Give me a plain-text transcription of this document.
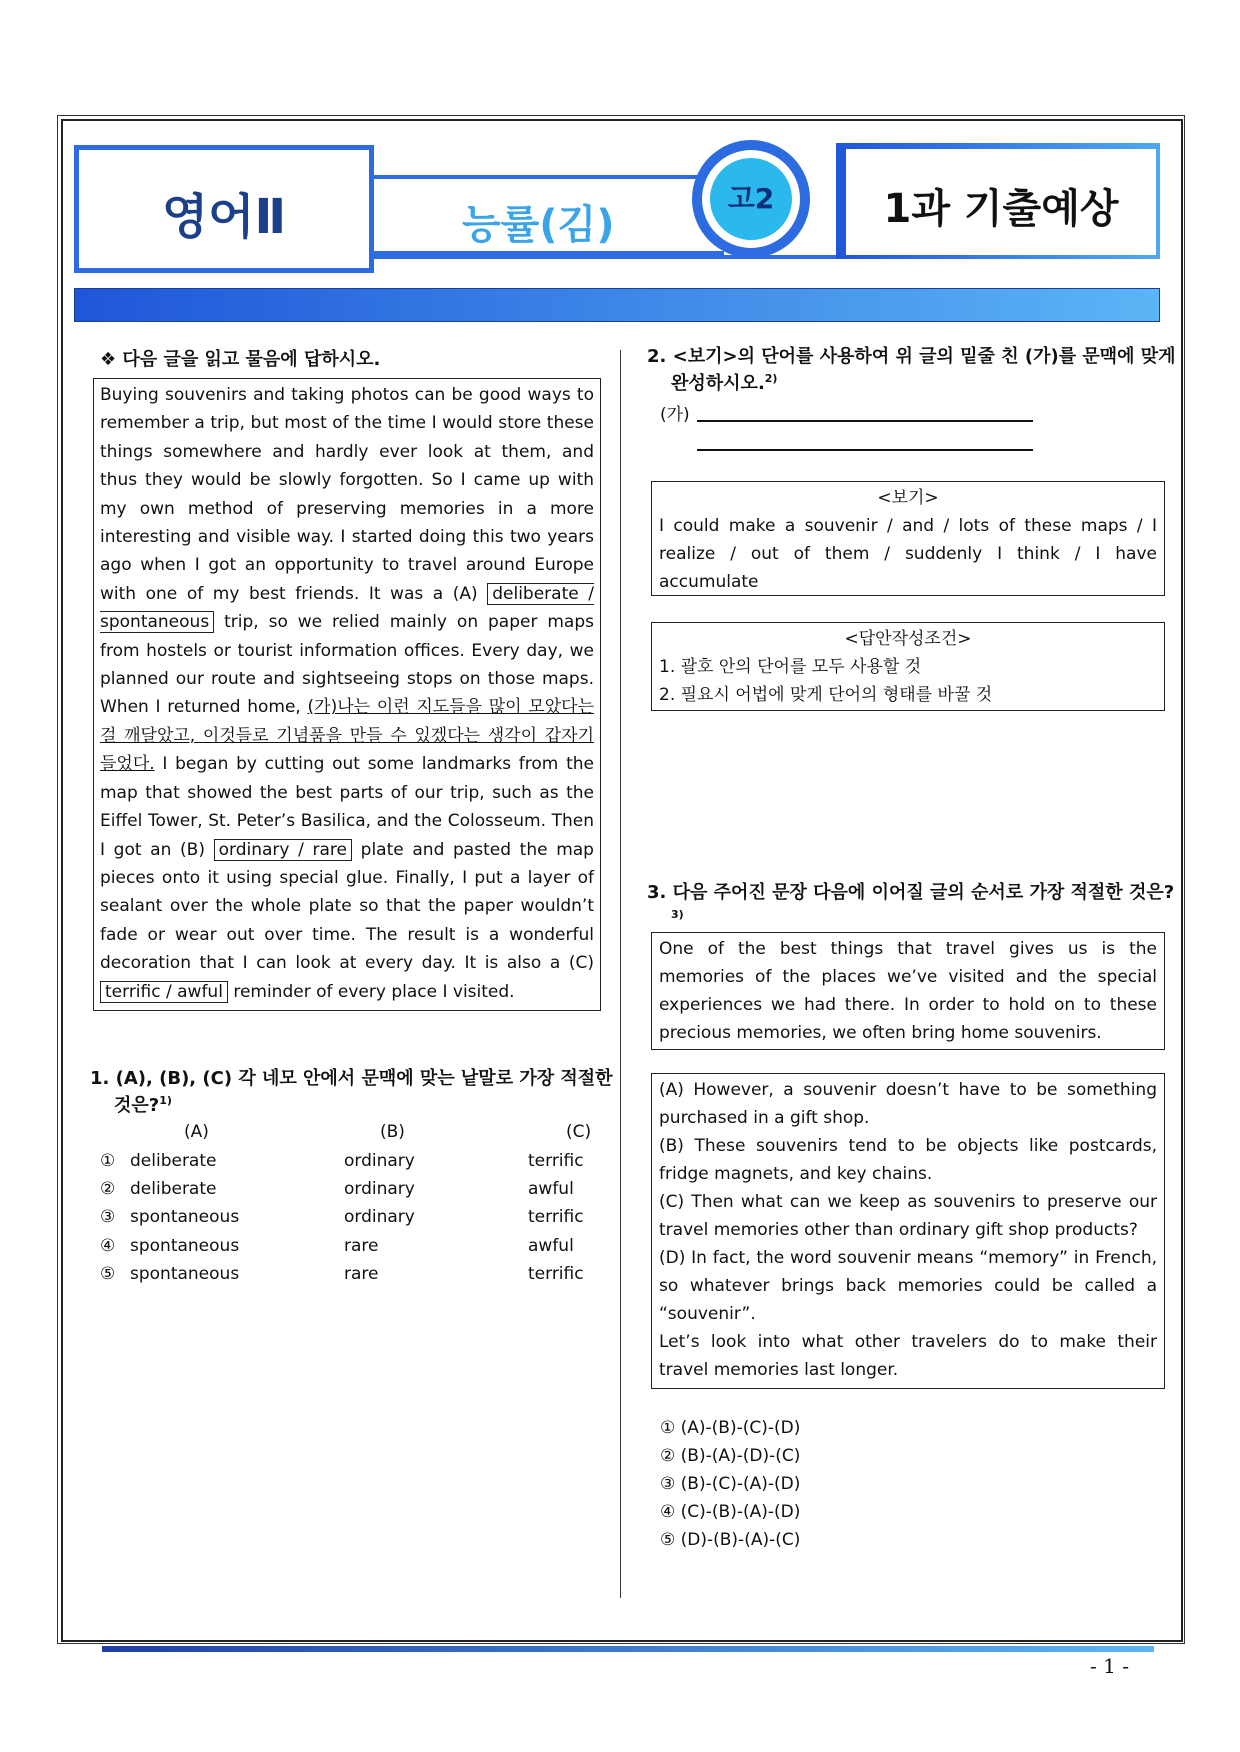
영어Ⅱ	능률(김)
고2	1과 기출예상
❖ 다음 글을 읽고 물음에 답하시오.
Buying souvenirs and taking photos can be good ways to remember a trip, but most of the time I would store these things somewhere and hardly ever look at them, and thus they would be slowly forgotten. So I came up with my own method of preserving memories in a more interesting and visible way. I started doing this two years ago when I got an opportunity to travel around Europe with one of my best friends. It was a (A) deliberate / spontaneous trip, so we relied mainly on paper maps from hostels or tourist information offices. Every day, we planned our route and sightseeing stops on those maps. When I returned home, (가)나는 이런 지도들을 많이 모았다는 걸 깨달았고, 이것들로 기념품을 만들 수 있겠다는 생각이 갑자기 들었다. I began by cutting out some landmarks from the map that showed the best parts of our trip, such as the Eiffel Tower, St. Peter’s Basilica, and the Colosseum. Then I got an (B) ordinary / rare plate and pasted the map pieces onto it using special glue. Finally, I put a layer of sealant over the whole plate so that the paper wouldn’t fade or wear out over time. The result is a wonderful decoration that I can look at every day. It is also a (C) terrific / awful reminder of every place I visited.
1. (A), (B), (C) 각 네모 안에서 문맥에 맞는 낱말로 가장 적절한 것은?$^{1)}$
	(A)	(B)	(C)
①	deliberate	ordinary	terrific
②	deliberate	ordinary	awful
③	spontaneous	ordinary	terrific
④	spontaneous	rare	awful
⑤	spontaneous	rare	terrific
2. <보기>의 단어를 사용하여 위 글의 밑줄 친 (가)를 문맥에 맞게 완성하시오.$^{2)}$
(가)
<보기>
I could make a souvenir / and / lots of these maps / I realize / out of them / suddenly I think / I have accumulate
<답안작성조건>
1. 괄호 안의 단어를 모두 사용할 것
2. 필요시 어법에 맞게 단어의 형태를 바꿀 것
3. 다음 주어진 문장 다음에 이어질 글의 순서로 가장 적절한 것은?$^{3)}$
One of the best things that travel gives us is the memories of the places we’ve visited and the special experiences we had there. In order to hold on to these precious memories, we often bring home souvenirs.
(A) However, a souvenir doesn’t have to be something purchased in a gift shop.
(B) These souvenirs tend to be objects like postcards, fridge magnets, and key chains.
(C) Then what can we keep as souvenirs to preserve our travel memories other than ordinary gift shop products?
(D) In fact, the word souvenir means “memory” in French, so whatever brings back memories could be called a “souvenir”.
Let’s look into what other travelers do to make their travel memories last longer.
① (A)-(B)-(C)-(D)
② (B)-(A)-(D)-(C)
③ (B)-(C)-(A)-(D)
④ (C)-(B)-(A)-(D)
⑤ (D)-(B)-(A)-(C)
- 1 -
